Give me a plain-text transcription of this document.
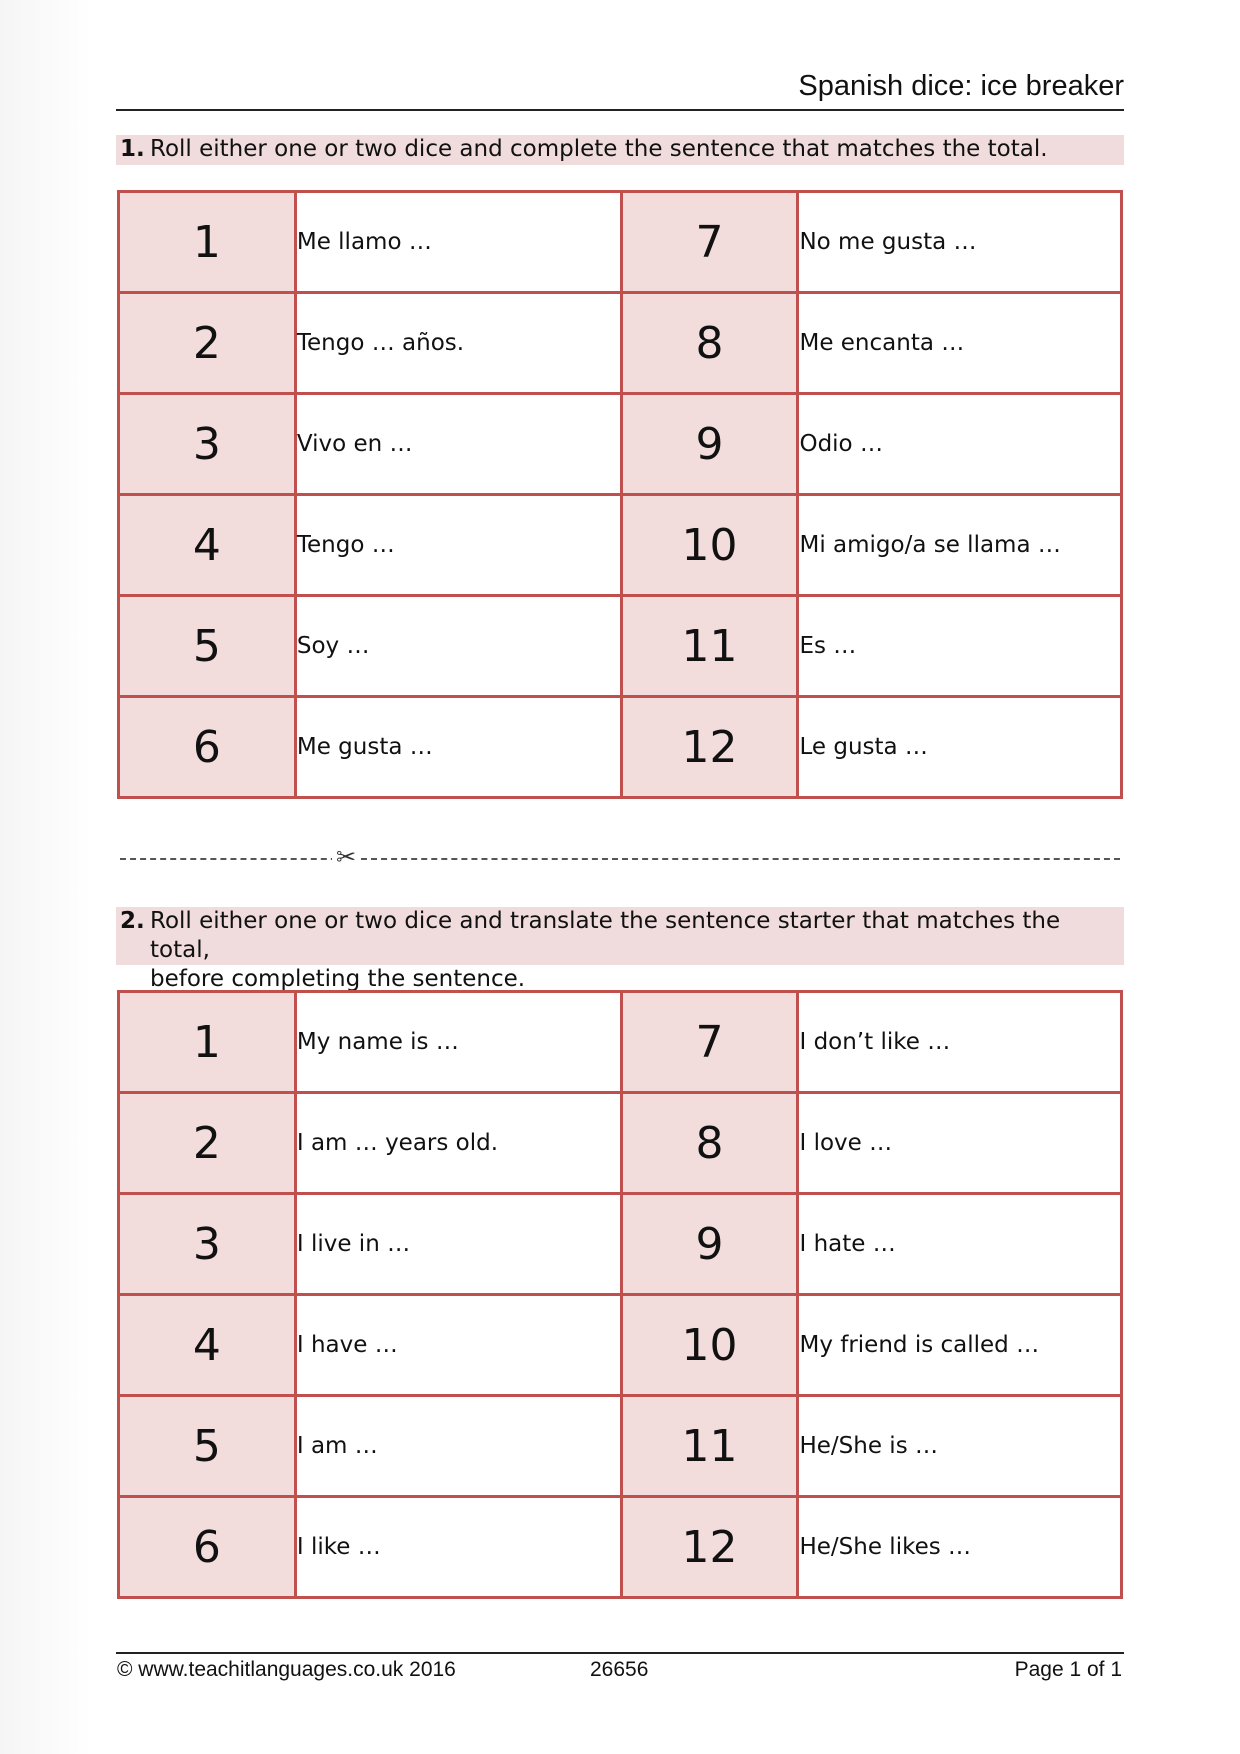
Spanish dice: ice breaker
1. Roll either one or two dice and complete the sentence that matches the total.
1	Me llamo …	7	No me gusta …
2	Tengo … años.	8	Me encanta …
3	Vivo en …	9	Odio …
4	Tengo …	10	Mi amigo/a se llama …
5	Soy …	11	Es …
6	Me gusta …	12	Le gusta …
✂
2. Roll either one or two dice and translate the sentence starter that matches the total,
before completing the sentence.
1	My name is …	7	I don’t like …
2	I am … years old.	8	I love …
3	I live in …	9	I hate …
4	I have …	10	My friend is called …
5	I am …	11	He/She is …
6	I like …	12	He/She likes …
© www.teachitlanguages.co.uk 2016	26656	Page 1 of 1
